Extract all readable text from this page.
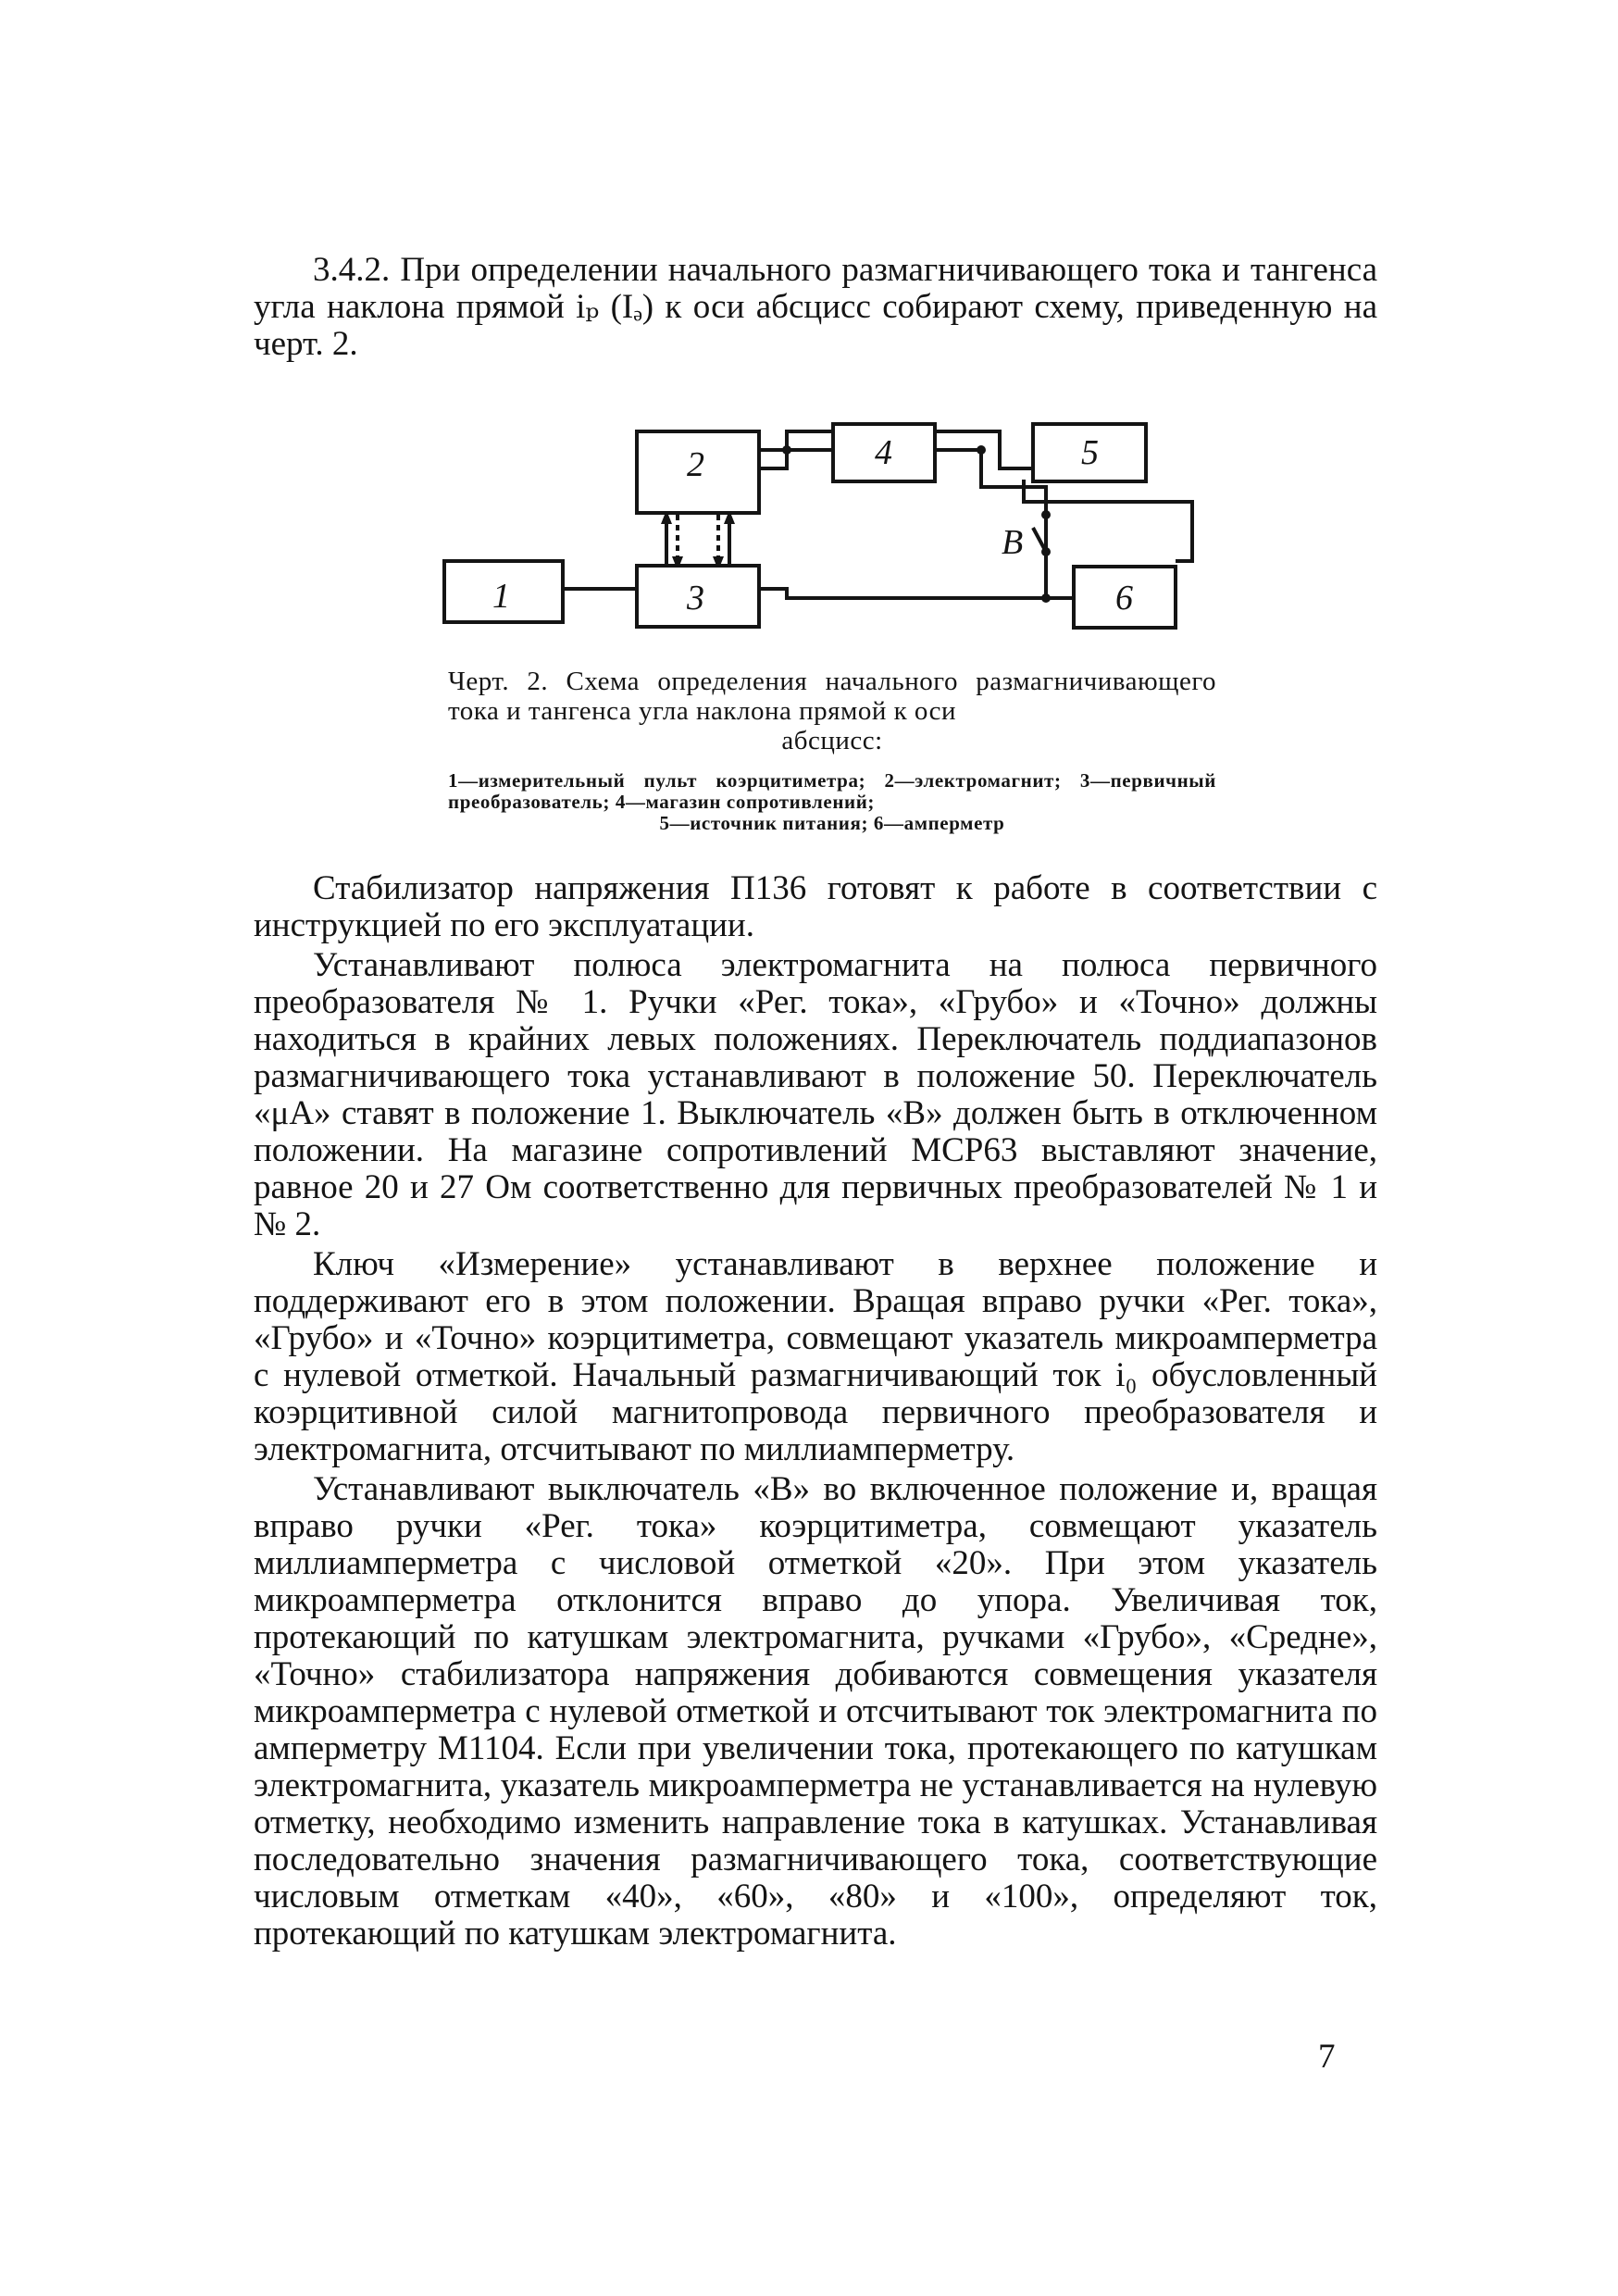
3.4.2. При определении начального размагничивающего тока и тангенса угла наклона прямой iₚ (Iₔ) к оси абсцисс собирают схему, приведенную на черт. 2.

1
2
3
4	5
6
В

Черт. 2. Схема определения начального размагничивающего тока и тангенса угла наклона прямой к оси
абсцисс:

1—измерительный пульт коэрцитиметра; 2—электромагнит; 3—первичный преобразователь; 4—магазин сопротивлений;
5—источник питания; 6—амперметр

Стабилизатор напряжения П136 готовят к работе в соответствии с инструкцией по его эксплуатации.

Устанавливают полюса электромагнита на полюса первичного преобразователя № 1. Ручки «Рег. тока», «Грубо» и «Точно» должны находиться в крайних левых положениях. Переключатель поддиапазонов размагничивающего тока устанавливают в положение 50. Переключатель «μA» ставят в положение 1. Выключатель «В» должен быть в отключенном положении. На магазине сопротивлений МСР63 выставляют значение, равное 20 и 27 Ом соответственно для первичных преобразователей № 1 и № 2.

Ключ «Измерение» устанавливают в верхнее положение и поддерживают его в этом положении. Вращая вправо ручки «Рег. тока», «Грубо» и «Точно» коэрцитиметра, совмещают указатель микроамперметра с нулевой отметкой. Начальный размагничивающий ток i₀ обусловленный коэрцитивной силой магнитопровода первичного преобразователя и электромагнита, отсчитывают по миллиамперметру.

Устанавливают выключатель «В» во включенное положение и, вращая вправо ручки «Рег. тока» коэрцитиметра, совмещают указатель миллиамперметра с числовой отметкой «20». При этом указатель микроамперметра отклонится вправо до упора. Увеличивая ток, протекающий по катушкам электромагнита, ручками «Грубо», «Средне», «Точно» стабилизатора напряжения добиваются совмещения указателя микроамперметра с нулевой отметкой и отсчитывают ток электромагнита по амперметру М1104. Если при увеличении тока, протекающего по катушкам электромагнита, указатель микроамперметра не устанавливается на нулевую отметку, необходимо изменить направление тока в катушках. Устанавливая последовательно значения размагничивающего тока, соответствующие числовым отметкам «40», «60», «80» и «100», определяют ток, протекающий по катушкам электромагнита.

7
